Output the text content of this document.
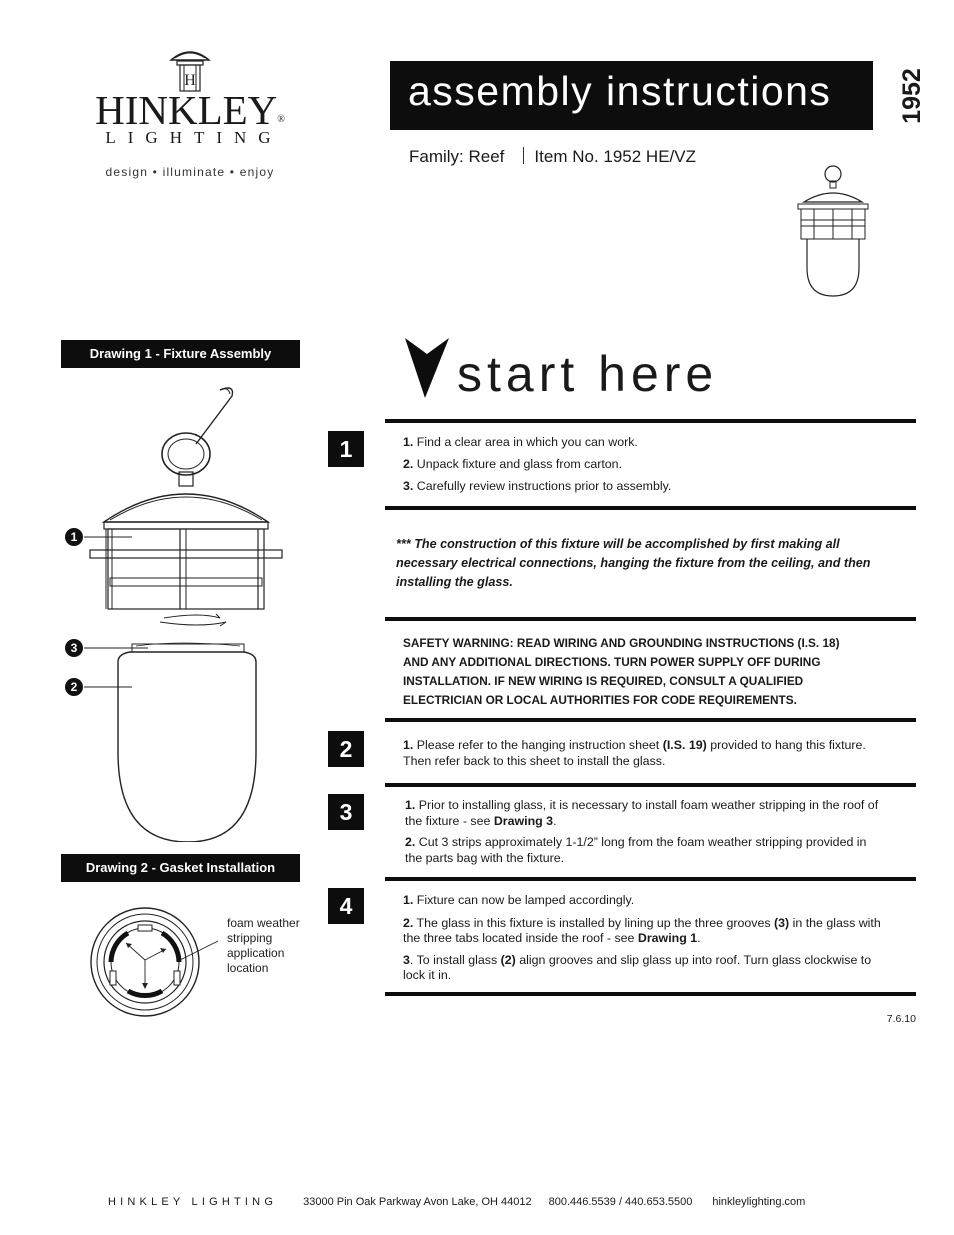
H
HINKLEY®
LIGHTING
design • illuminate • enjoy
assembly instructions	1952
Family: Reef Item No. 1952 HE/VZ
Drawing 1 - Fixture Assembly
1
3
2
Drawing 2 - Gasket Installation
foam weather
stripping
application
location
start here
1	1. Find a clear area in which you can work.

2. Unpack fixture and glass from carton.

3. Carefully review instructions prior to assembly.

*** The construction of this fixture will be accomplished by first making all
necessary electrical connections, hanging the fixture from the ceiling, and then
installing the glass.
SAFETY WARNING: READ WIRING AND GROUNDING INSTRUCTIONS (I.S. 18)
AND ANY ADDITIONAL DIRECTIONS. TURN POWER SUPPLY OFF DURING
INSTALLATION. IF NEW WIRING IS REQUIRED, CONSULT A QUALIFIED
ELECTRICIAN OR LOCAL AUTHORITIES FOR CODE REQUIREMENTS.
2	1. Please refer to the hanging instruction sheet (I.S. 19) provided to hang this fixture.
Then refer back to this sheet to install the glass.
3	1. Prior to installing glass, it is necessary to install foam weather stripping in the roof of
the fixture - see Drawing 3.
2. Cut 3 strips approximately 1-1/2” long from the foam weather stripping provided in
the parts bag with the fixture.
4	1. Fixture can now be lamped accordingly.
2. The glass in this fixture is installed by lining up the three grooves (3) in the glass with
the three tabs located inside the roof - see Drawing 1.
3. To install glass (2) align grooves and slip glass up into roof. Turn glass clockwise to
lock it in.
7.6.10
HINKLEY LIGHTING 33000 Pin Oak Parkway Avon Lake, OH 44012 800.446.5539 / 440.653.5500 hinkleylighting.com
